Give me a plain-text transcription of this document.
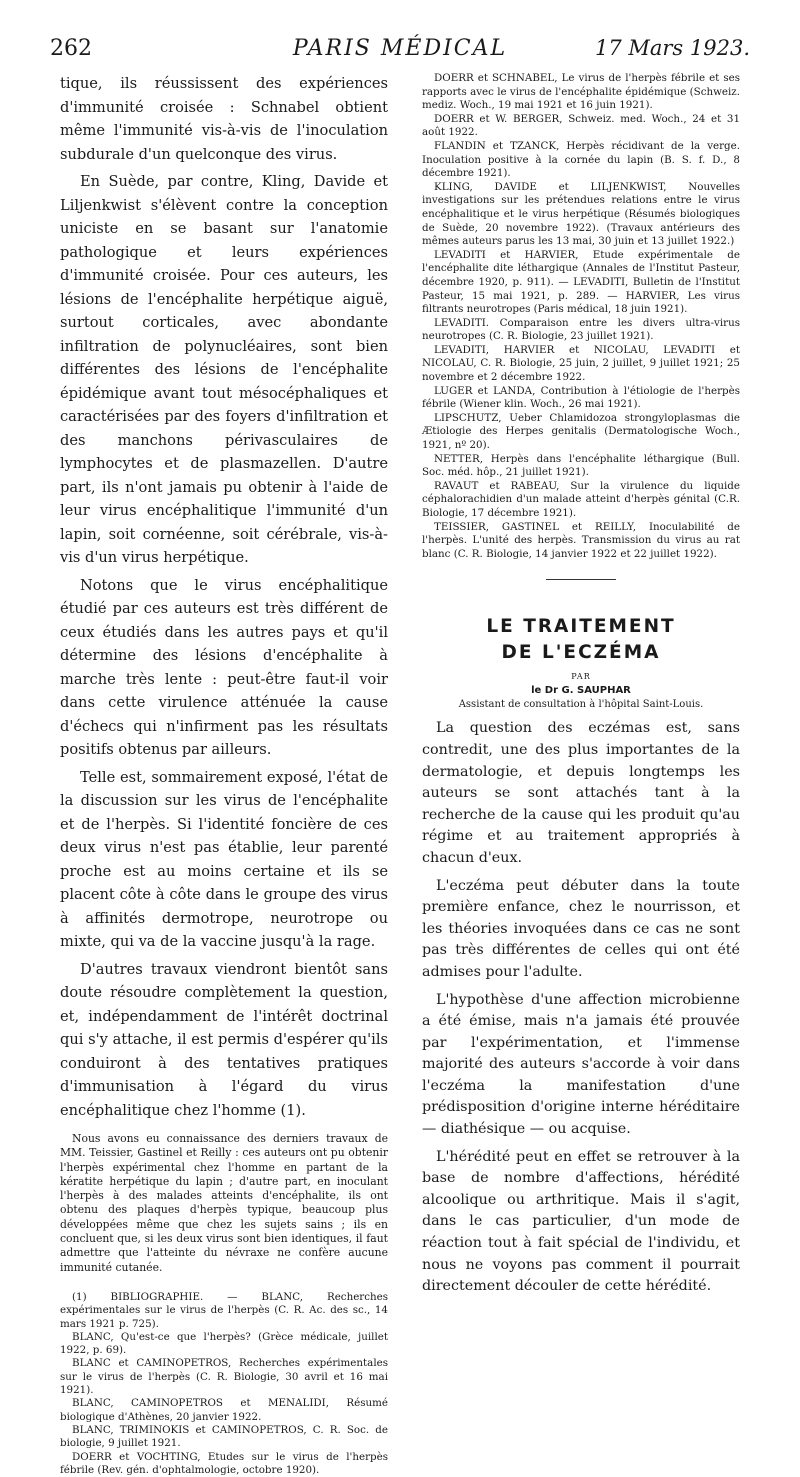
262	PARIS MÉDICAL	17 Mars 1923.

tique, ils réussissent des expériences d'immunité croisée : Schnabel obtient même l'immunité vis-à-vis de l'inoculation subdurale d'un quelconque des virus.

En Suède, par contre, Kling, Davide et Liljenkwist s'élèvent contre la conception uniciste en se basant sur l'anatomie pathologique et leurs expériences d'immunité croisée. Pour ces auteurs, les lésions de l'encéphalite herpétique aiguë, surtout corticales, avec abondante infiltration de polynucléaires, sont bien différentes des lésions de l'encéphalite épidémique avant tout mésocéphaliques et caractérisées par des foyers d'infiltration et des manchons périvasculaires de lymphocytes et de plasmazellen. D'autre part, ils n'ont jamais pu obtenir à l'aide de leur virus encéphalitique l'immunité d'un lapin, soit cornéenne, soit cérébrale, vis-à-vis d'un virus herpétique.

Notons que le virus encéphalitique étudié par ces auteurs est très différent de ceux étudiés dans les autres pays et qu'il détermine des lésions d'encéphalite à marche très lente : peut-être faut-il voir dans cette virulence atténuée la cause d'échecs qui n'infirment pas les résultats positifs obtenus par ailleurs.

Telle est, sommairement exposé, l'état de la discussion sur les virus de l'encéphalite et de l'herpès. Si l'identité foncière de ces deux virus n'est pas établie, leur parenté proche est au moins certaine et ils se placent côte à côte dans le groupe des virus à affinités dermotrope, neurotrope ou mixte, qui va de la vaccine jusqu'à la rage.

D'autres travaux viendront bientôt sans doute résoudre complètement la question, et, indépendamment de l'intérêt doctrinal qui s'y attache, il est permis d'espérer qu'ils conduiront à des tentatives pratiques d'immunisation à l'égard du virus encéphalitique chez l'homme (1).

Nous avons eu connaissance des derniers travaux de MM. Teissier, Gastinel et Reilly : ces auteurs ont pu obtenir l'herpès expérimental chez l'homme en partant de la kératite herpétique du lapin ; d'autre part, en inoculant l'herpès à des malades atteints d'encéphalite, ils ont obtenu des plaques d'herpès typique, beaucoup plus développées même que chez les sujets sains ; ils en concluent que, si les deux virus sont bien identiques, il faut admettre que l'atteinte du névraxe ne confère aucune immunité cutanée.

(1) BIBLIOGRAPHIE. — BLANC, Recherches expérimentales sur le virus de l'herpès (C. R. Ac. des sc., 14 mars 1921 p. 725).

BLANC, Qu'est-ce que l'herpès? (Grèce médicale, juillet 1922, p. 69).

BLANC et CAMINOPETROS, Recherches expérimentales sur le virus de l'herpès (C. R. Biologie, 30 avril et 16 mai 1921).

BLANC, CAMINOPETROS et MENALIDI, Résumé biologique d'Athènes, 20 janvier 1922.

BLANC, TRIMINOKIS et CAMINOPETROS, C. R. Soc. de biologie, 9 juillet 1921.

DOERR et VOCHTING, Etudes sur le virus de l'herpès fébrile (Rev. gén. d'ophtalmologie, octobre 1920).

DOERR et SCHNABEL, Le virus de l'herpès fébrile et ses rapports avec le virus de l'encéphalite épidémique (Schweiz. mediz. Woch., 19 mai 1921 et 16 juin 1921).

DOERR et W. BERGER, Schweiz. med. Woch., 24 et 31 août 1922.

FLANDIN et TZANCK, Herpès récidivant de la verge. Inoculation positive à la cornée du lapin (B. S. f. D., 8 décembre 1921).

KLING, DAVIDE et LILJENKWIST, Nouvelles investigations sur les prétendues relations entre le virus encéphalitique et le virus herpétique (Résumés biologiques de Suède, 20 novembre 1922). (Travaux antérieurs des mêmes auteurs parus les 13 mai, 30 juin et 13 juillet 1922.)

LEVADITI et HARVIER, Etude expérimentale de l'encéphalite dite léthargique (Annales de l'Institut Pasteur, décembre 1920, p. 911). — LEVADITI, Bulletin de l'Institut Pasteur, 15 mai 1921, p. 289. — HARVIER, Les virus filtrants neurotropes (Paris médical, 18 juin 1921).

LEVADITI. Comparaison entre les divers ultra-virus neurotropes (C. R. Biologie, 23 juillet 1921).

LEVADITI, HARVIER et NICOLAU, LEVADITI et NICOLAU, C. R. Biologie, 25 juin, 2 juillet, 9 juillet 1921; 25 novembre et 2 décembre 1922.

LUGER et LANDA, Contribution à l'étiologie de l'herpès fébrile (Wiener klin. Woch., 26 mai 1921).

LIPSCHUTZ, Ueber Chlamidozoa strongyloplasmas die Ætiologie des Herpes genitalis (Dermatologische Woch., 1921, nº 20).

NETTER, Herpès dans l'encéphalite léthargique (Bull. Soc. méd. hôp., 21 juillet 1921).

RAVAUT et RABEAU, Sur la virulence du liquide céphalorachidien d'un malade atteint d'herpès génital (C.R. Biologie, 17 décembre 1921).

TEISSIER, GASTINEL et REILLY, Inoculabilité de l'herpès. L'unité des herpès. Transmission du virus au rat blanc (C. R. Biologie, 14 janvier 1922 et 22 juillet 1922).

LE TRAITEMENT
DE L'ECZÉMA
PAR
le Dr G. SAUPHAR
Assistant de consultation à l'hôpital Saint-Louis.

La question des eczémas est, sans contredit, une des plus importantes de la dermatologie, et depuis longtemps les auteurs se sont attachés tant à la recherche de la cause qui les produit qu'au régime et au traitement appropriés à chacun d'eux.

L'eczéma peut débuter dans la toute première enfance, chez le nourrisson, et les théories invoquées dans ce cas ne sont pas très différentes de celles qui ont été admises pour l'adulte.

L'hypothèse d'une affection microbienne a été émise, mais n'a jamais été prouvée par l'expérimentation, et l'immense majorité des auteurs s'accorde à voir dans l'eczéma la manifestation d'une prédisposition d'origine interne héréditaire — diathésique — ou acquise.

L'hérédité peut en effet se retrouver à la base de nombre d'affections, hérédité alcoolique ou arthritique. Mais il s'agit, dans le cas particulier, d'un mode de réaction tout à fait spécial de l'individu, et nous ne voyons pas comment il pourrait directement découler de cette hérédité.
